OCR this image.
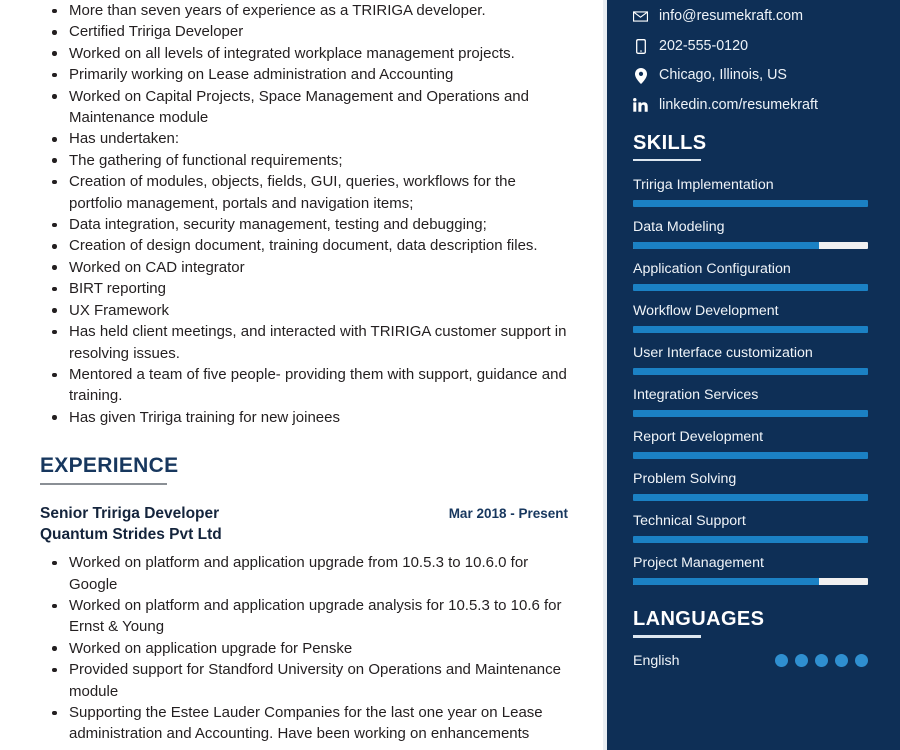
More than seven years of experience as a TRIRIGA developer.
Certified Tririga Developer
Worked on all levels of integrated workplace management projects.
Primarily working on Lease administration and Accounting
Worked on Capital Projects, Space Management and Operations and Maintenance module
Has undertaken:
The gathering of functional requirements;
Creation of modules, objects, fields, GUI, queries, workflows for the portfolio management, portals and navigation items;
Data integration, security management, testing and debugging;
Creation of design document, training document, data description files.
Worked on CAD integrator
BIRT reporting
UX Framework
Has held client meetings, and interacted with TRIRIGA customer support in resolving issues.
Mentored a team of five people- providing them with support, guidance and training.
Has given Tririga training for new joinees
EXPERIENCE
Senior Tririga Developer	Mar 2018 - Present
Quantum Strides Pvt Ltd
Worked on platform and application upgrade from 10.5.3 to 10.6.0 for Google
Worked on platform and application upgrade analysis for 10.5.3 to 10.6 for Ernst & Young
Worked on application upgrade for Penske
Provided support for Standford University on Operations and Maintenance module
Supporting the Estee Lauder Companies for the last one year on Lease administration and Accounting. Have been working on enhancements
info@resumekraft.com
202-555-0120
Chicago, Illinois, US
linkedin.com/resumekraft
SKILLS
Tririga Implementation
Data Modeling
Application Configuration
Workflow Development
User Interface customization
Integration Services
Report Development
Problem Solving
Technical Support
Project Management
LANGUAGES
English
